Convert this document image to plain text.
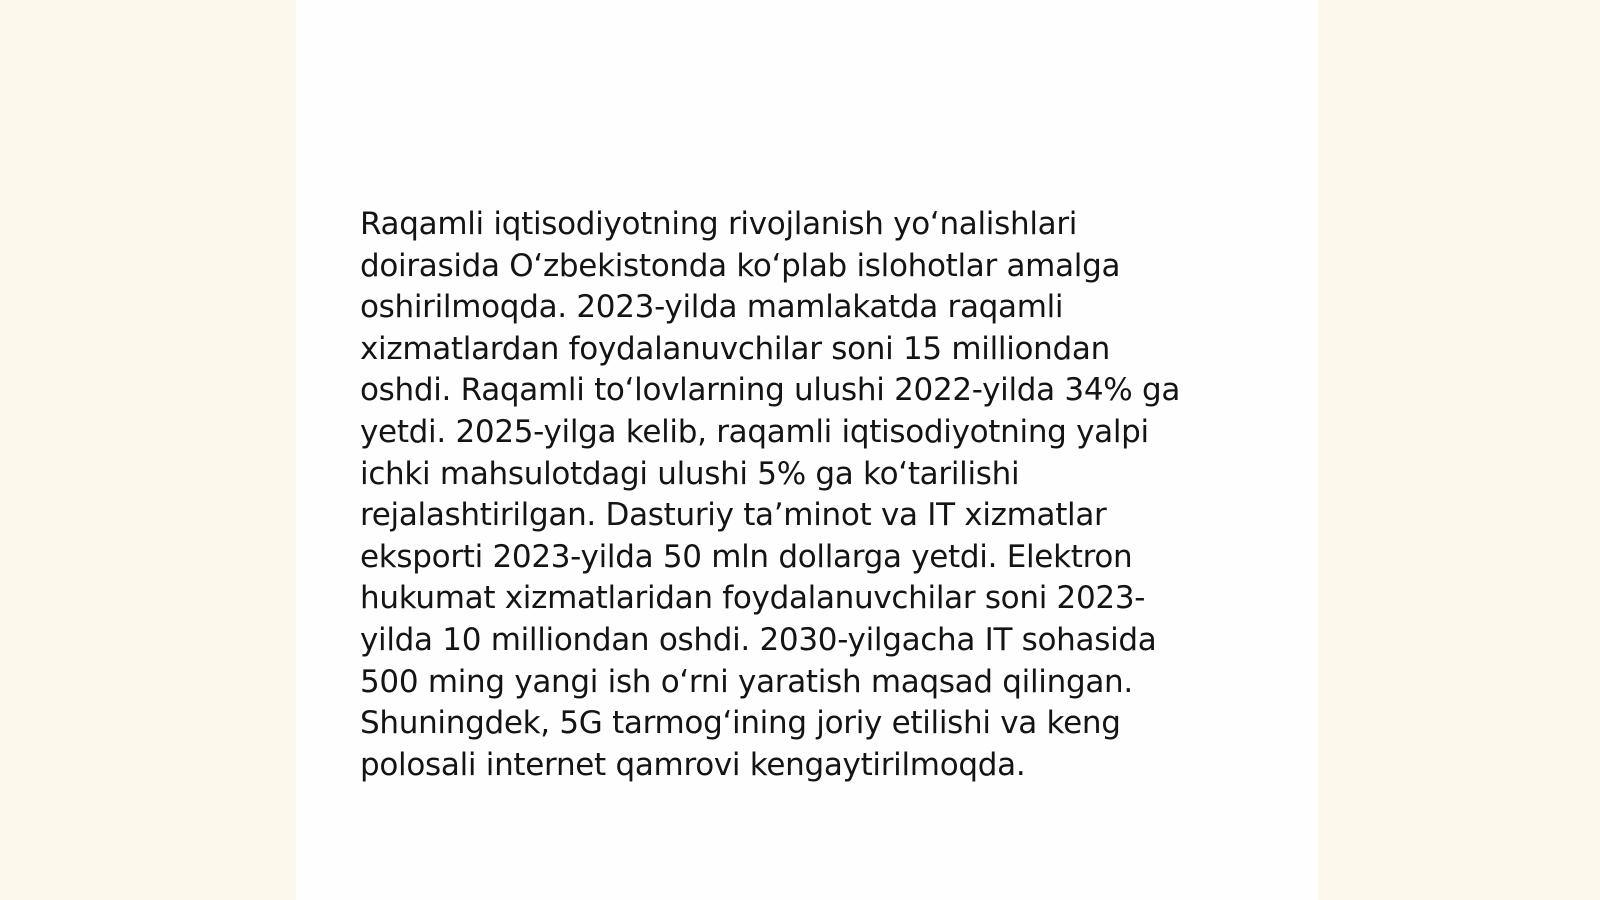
Raqamli iqtisodiyotning rivojlanish yo‘nalishlari
doirasida O‘zbekistonda ko‘plab islohotlar amalga
oshirilmoqda. 2023-yilda mamlakatda raqamli
xizmatlardan foydalanuvchilar soni 15 milliondan
oshdi. Raqamli to‘lovlarning ulushi 2022-yilda 34% ga
yetdi. 2025-yilga kelib, raqamli iqtisodiyotning yalpi
ichki mahsulotdagi ulushi 5% ga ko‘tarilishi
rejalashtirilgan. Dasturiy ta’minot va IT xizmatlar
eksporti 2023-yilda 50 mln dollarga yetdi. Elektron
hukumat xizmatlaridan foydalanuvchilar soni 2023-
yilda 10 milliondan oshdi. 2030-yilgacha IT sohasida
500 ming yangi ish o‘rni yaratish maqsad qilingan.
Shuningdek, 5G tarmog‘ining joriy etilishi va keng
polosali internet qamrovi kengaytirilmoqda.
